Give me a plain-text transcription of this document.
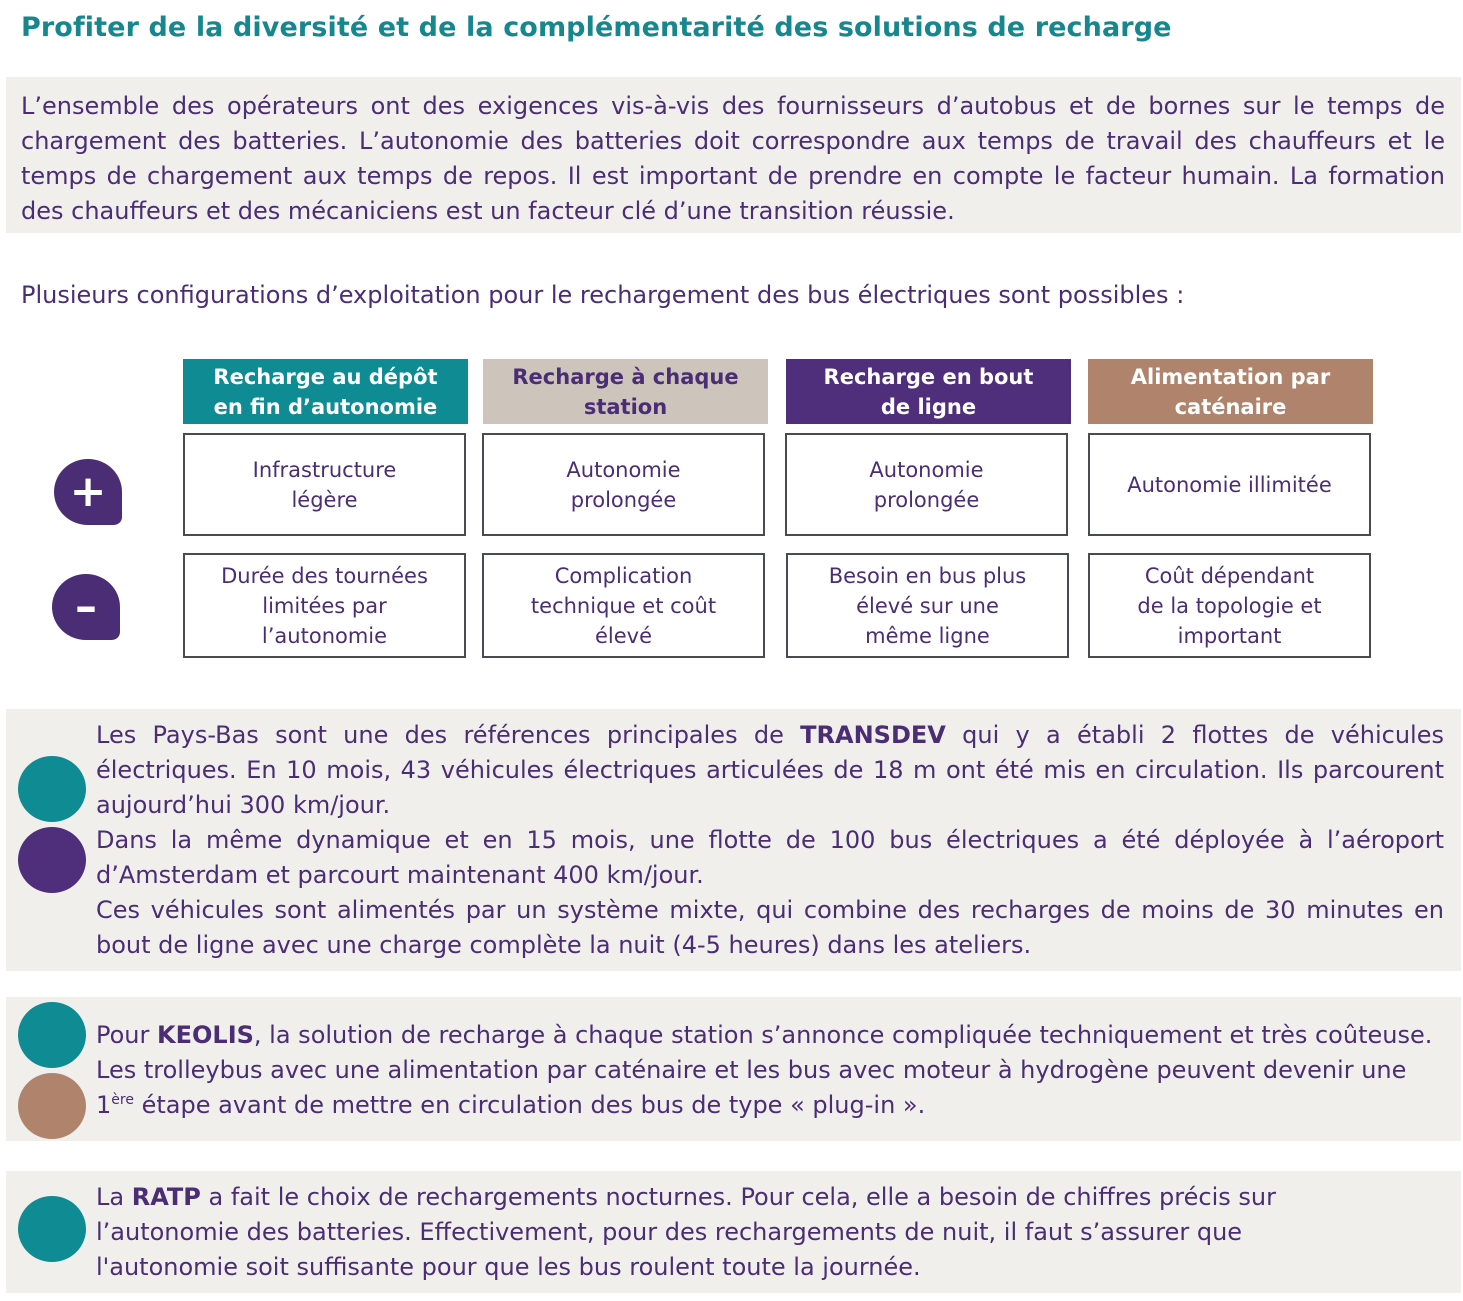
Profiter de la diversité et de la complémentarité des solutions de recharge
L’ensemble des opérateurs ont des exigences vis-à-vis des fournisseurs d’autobus et de bornes sur le temps de chargement des batteries. L’autonomie des batteries doit correspondre aux temps de travail des chauffeurs et le temps de chargement aux temps de repos. Il est important de prendre en compte le facteur humain. La formation des chauffeurs et des mécaniciens est un facteur clé d’une transition réussie.
Plusieurs configurations d’exploitation pour le rechargement des bus électriques sont possibles :
Recharge au dépôt en fin d’autonomie
Recharge à chaque station
Recharge en bout de ligne
Alimentation par caténaire
+
–
Infrastructure légère
Autonomie prolongée
Autonomie prolongée
Autonomie illimitée
Durée des tournées limitées par l’autonomie
Complication technique et coût élevé
Besoin en bus plus élevé sur une même ligne
Coût dépendant de la topologie et important

Les Pays-Bas sont une des références principales de TRANSDEV qui y a établi 2 flottes de véhicules électriques. En 10 mois, 43 véhicules électriques articulées de 18 m ont été mis en circulation. Ils parcourent aujourd’hui 300 km/jour.

Dans la même dynamique et en 15 mois, une flotte de 100 bus électriques a été déployée à l’aéroport d’Amsterdam et parcourt maintenant 400 km/jour.

Ces véhicules sont alimentés par un système mixte, qui combine des recharges de moins de 30 minutes en bout de ligne avec une charge complète la nuit (4-5 heures) dans les ateliers.

Pour KEOLIS, la solution de recharge à chaque station s’annonce compliquée techniquement et très coûteuse. Les trolleybus avec une alimentation par caténaire et les bus avec moteur à hydrogène peuvent devenir une 1ère étape avant de mettre en circulation des bus de type « plug-in ».

La RATP a fait le choix de rechargements nocturnes. Pour cela, elle a besoin de chiffres précis sur l’autonomie des batteries. Effectivement, pour des rechargements de nuit, il faut s’assurer que l'autonomie soit suffisante pour que les bus roulent toute la journée.
